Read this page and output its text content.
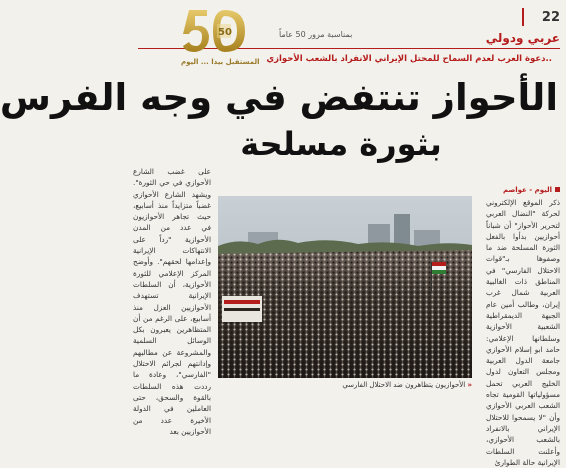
22
عربي ودولي
50
المستقبل بيدا ... اليوم
بمناسبة مرور 50 عاماً
..دعوة العرب لعدم السماح للمحتل الإيراني الانفراد بالشعب الأحوازي
الأحواز تنتفض في وجه الفرس
بثورة مسلحة
اليوم - عواصم
ذكر الموقع الإلكتروني لحركة "النضال العربي لتحرير الأحواز" أن شباناً أحوازيين بدأوا بالفعل الثورة المسلحة ضد ما وصفوها بـ"قوات الاحتلال الفارسي" في المناطق ذات الغالبية العربية شمال غرب إيران، وطالب أمين عام الجبهة الديمقراطية الشعبية الأحوازية وسلطانها الإعلامي: حامد ابو إسلام الأحوازي جامعة الدول العربية ومجلس التعاون لدول الخليج العربي تحمل مسؤولياتها القومية تجاه الشعب العربي الأحوازي وأن "لا يسمحوا للاحتلال الإيراني بالانفراد بالشعب الأحوازي، وأعلنت السلطات الإيرانية حالة الطوارئ
على غضب الشارع الأحوازي في حي الثورة". ويشهد الشارع الأحوازي غضباً متزايداً منذ أسابيع، حيث تجاهر الأحوازيون في عدد من المدن الأحوازية "رداً على الانتهاكات الإيرانية وإعدامها لحقهم". وأوضح المركز الإعلامي للثورة الأحوازية، أن السلطات الإيرانية تستهدف الأحوازيين العزل منذ أسابيع، على الرغم من أن المتظاهرين يعبرون بكل الوسائل السلمية والمشروعة عن مطالبهم وإدانتهم لجرائم الاحتلال "الفارسي"، وعادة ما رددت هذه السلطات بالقوة والسحق، حتى العاملين في الدولة الأخيرة عدد من الأحوازيين بعد
« الأحوازيون يتظاهرون ضد الاحتلال الفارسي
